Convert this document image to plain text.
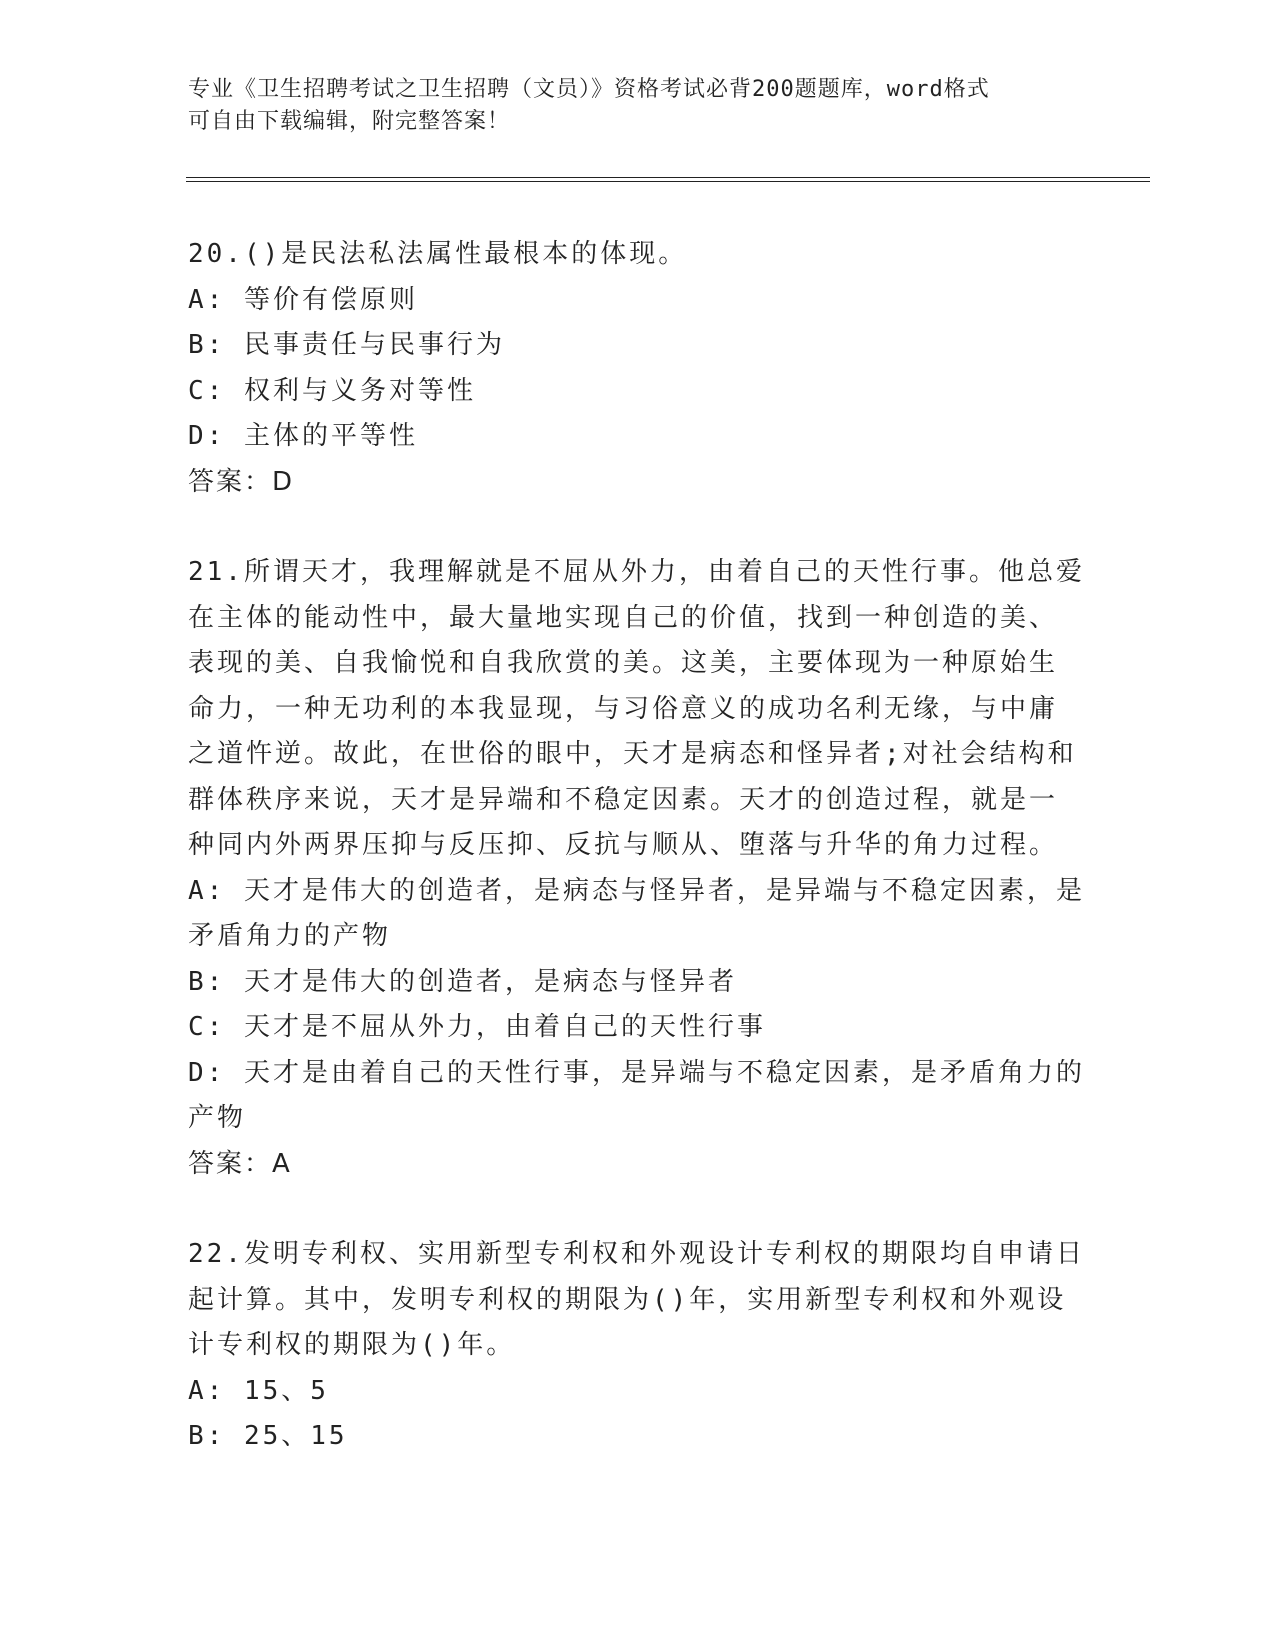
专业《卫生招聘考试之卫生招聘（文员）》资格考试必背200题题库，word格式

可自由下载编辑，附完整答案！

20.()是民法私法属性最根本的体现。

A: 等价有偿原则

B: 民事责任与民事行为

C: 权利与义务对等性

D: 主体的平等性

答案：D

21.所谓天才，我理解就是不屈从外力，由着自己的天性行事。他总爱

在主体的能动性中，最大量地实现自己的价值，找到一种创造的美、

表现的美、自我愉悦和自我欣赏的美。这美，主要体现为一种原始生

命力，一种无功利的本我显现，与习俗意义的成功名利无缘，与中庸

之道忤逆。故此，在世俗的眼中，天才是病态和怪异者;对社会结构和

群体秩序来说，天才是异端和不稳定因素。天才的创造过程，就是一

种同内外两界压抑与反压抑、反抗与顺从、堕落与升华的角力过程。

A: 天才是伟大的创造者，是病态与怪异者，是异端与不稳定因素，是

矛盾角力的产物

B: 天才是伟大的创造者，是病态与怪异者

C: 天才是不屈从外力，由着自己的天性行事

D: 天才是由着自己的天性行事，是异端与不稳定因素，是矛盾角力的

产物

答案：A

22.发明专利权、实用新型专利权和外观设计专利权的期限均自申请日

起计算。其中，发明专利权的期限为()年，实用新型专利权和外观设

计专利权的期限为()年。

A: 15、5

B: 25、15
